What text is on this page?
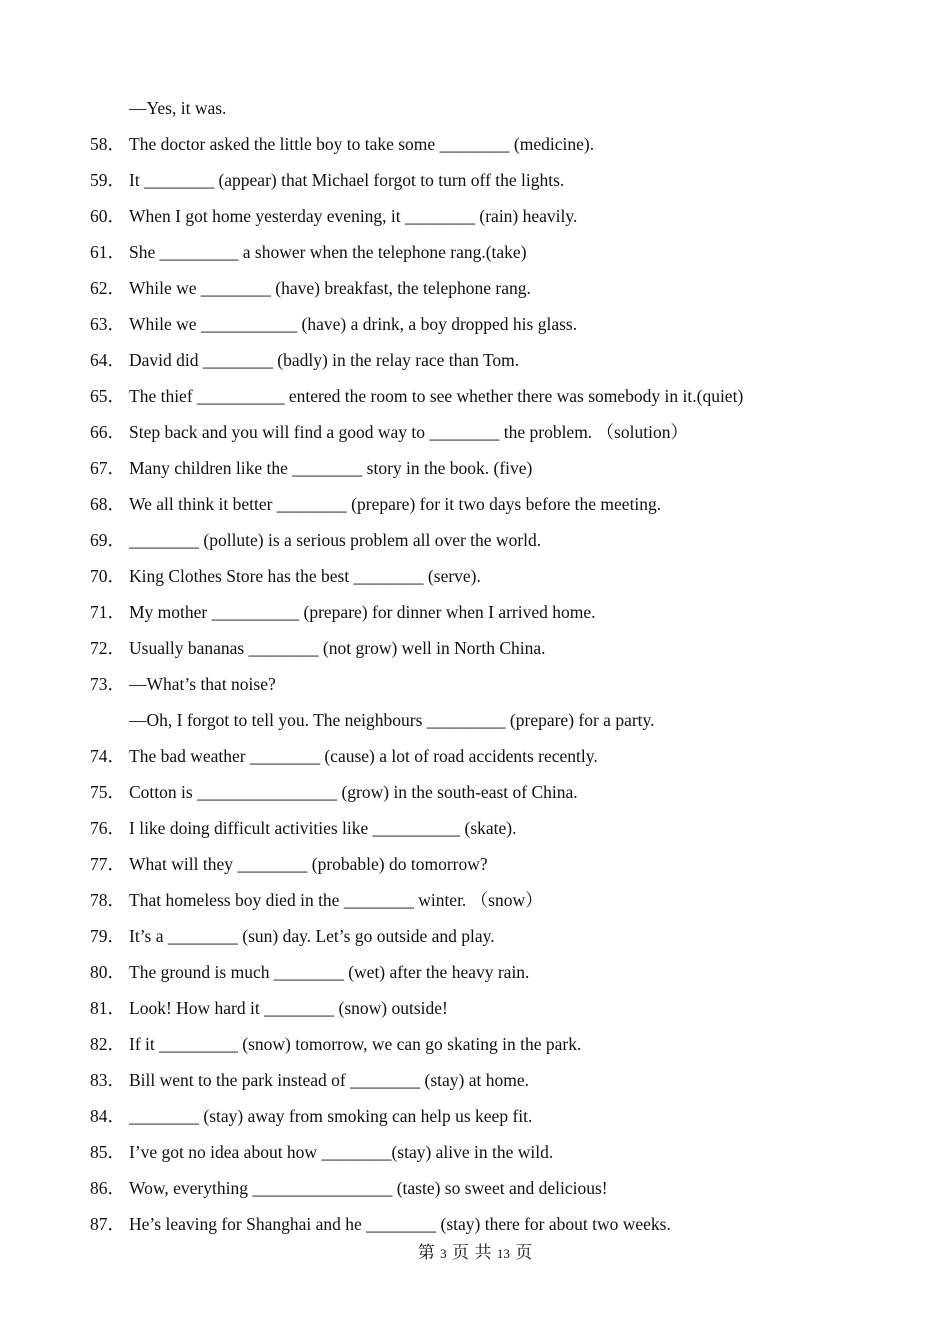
—Yes, it was.
58． The doctor asked the little boy to take some ________ (medicine).
59． It ________ (appear) that Michael forgot to turn off the lights.
60． When I got home yesterday evening, it ________ (rain) heavily.
61． She _________ a shower when the telephone rang.(take)
62． While we ________ (have) breakfast, the telephone rang.
63． While we ___________ (have) a drink, a boy dropped his glass.
64． David did ________ (badly) in the relay race than Tom.
65． The thief __________ entered the room to see whether there was somebody in it.(quiet)
66． Step back and you will find a good way to ________ the problem. （solution）
67． Many children like the ________ story in the book. (five)
68． We all think it better ________ (prepare) for it two days before the meeting.
69． ________ (pollute) is a serious problem all over the world.
70． King Clothes Store has the best ________ (serve).
71． My mother __________ (prepare) for dinner when I arrived home.
72． Usually bananas ________ (not grow) well in North China.
73． —What’s that noise?
—Oh, I forgot to tell you. The neighbours _________ (prepare) for a party.
74． The bad weather ________ (cause) a lot of road accidents recently.
75． Cotton is ________________ (grow) in the south-east of China.
76． I like doing difficult activities like __________ (skate).
77． What will they ________ (probable) do tomorrow?
78． That homeless boy died in the ________ winter. （snow）
79． It’s a ________ (sun) day. Let’s go outside and play.
80． The ground is much ________ (wet) after the heavy rain.
81． Look! How hard it ________ (snow) outside!
82． If it _________ (snow) tomorrow, we can go skating in the park.
83． Bill went to the park instead of ________ (stay) at home.
84． ________ (stay) away from smoking can help us keep fit.
85． I’ve got no idea about how ________(stay) alive in the wild.
86． Wow, everything ________________ (taste) so sweet and delicious!
87． He’s leaving for Shanghai and he ________ (stay) there for about two weeks.
第 3 页 共 13 页
